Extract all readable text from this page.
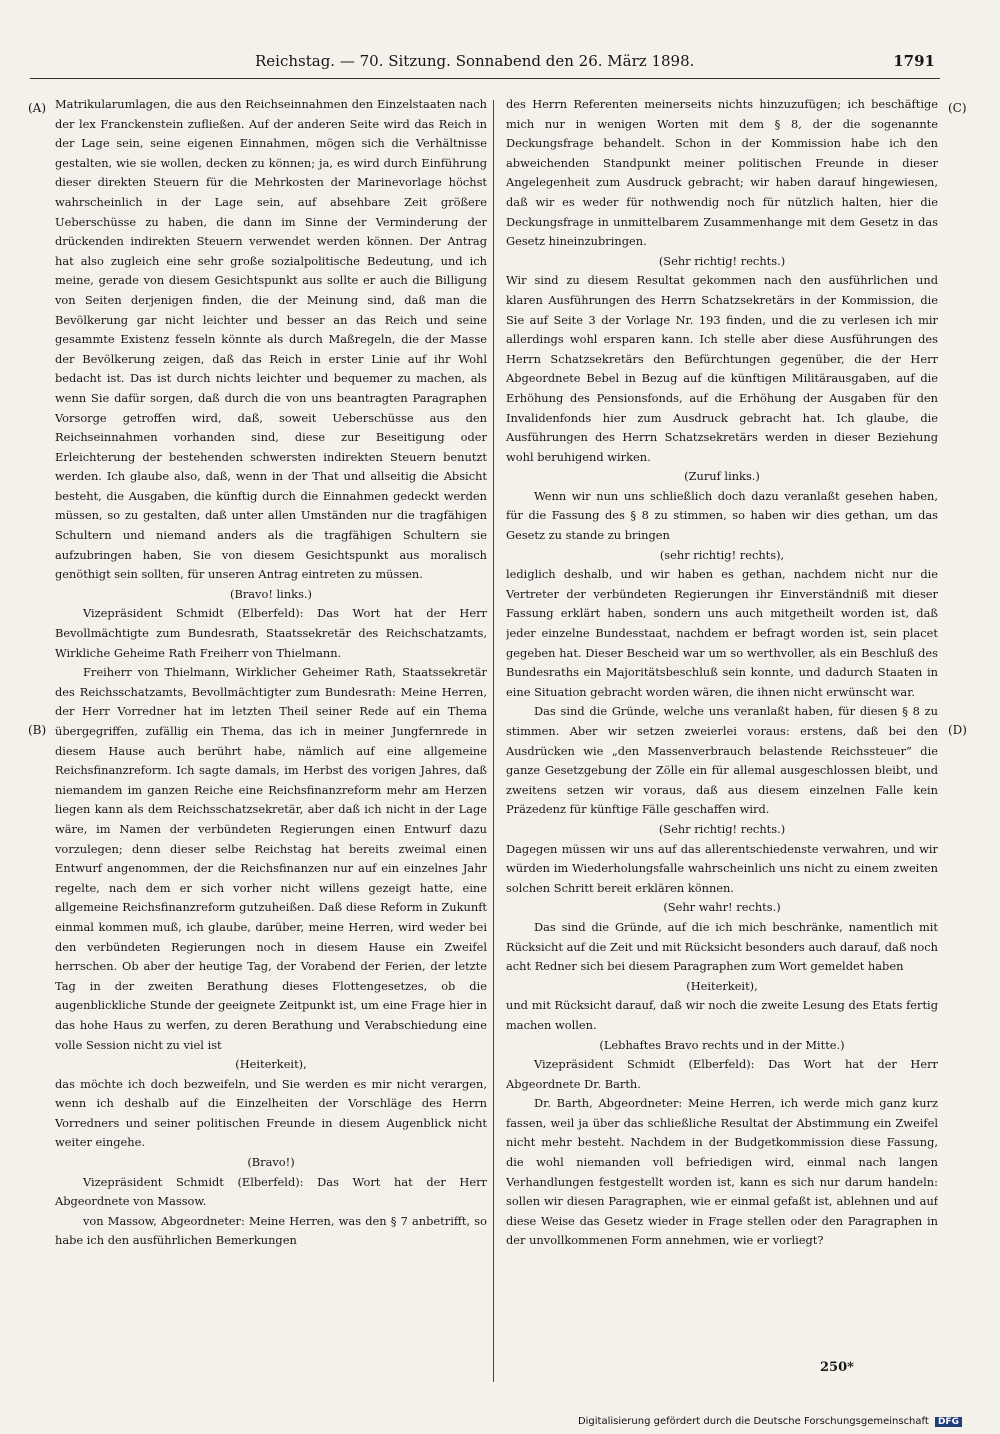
Reichstag. — 70. Sitzung. Sonnabend den 26. März 1898.	1791
(A)
(B)
(C)
(D)

Matrikularumlagen, die aus den Reichseinnahmen den Einzelstaaten nach der lex Franckenstein zufließen. Auf der anderen Seite wird das Reich in der Lage sein, seine eigenen Einnahmen, mögen sich die Verhältnisse gestalten, wie sie wollen, decken zu können; ja, es wird durch Einführung dieser direkten Steuern für die Mehrkosten der Marinevorlage höchst wahrscheinlich in der Lage sein, auf absehbare Zeit größere Ueberschüsse zu haben, die dann im Sinne der Verminderung der drückenden indirekten Steuern verwendet werden können. Der Antrag hat also zugleich eine sehr große sozialpolitische Bedeutung, und ich meine, gerade von diesem Gesichtspunkt aus sollte er auch die Billigung von Seiten derjenigen finden, die der Meinung sind, daß man die Bevölkerung gar nicht leichter und besser an das Reich und seine gesammte Existenz fesseln könnte als durch Maßregeln, die der Masse der Bevölkerung zeigen, daß das Reich in erster Linie auf ihr Wohl bedacht ist. Das ist durch nichts leichter und bequemer zu machen, als wenn Sie dafür sorgen, daß durch die von uns beantragten Paragraphen Vorsorge getroffen wird, daß, soweit Ueberschüsse aus den Reichseinnahmen vorhanden sind, diese zur Beseitigung oder Erleichterung der bestehenden schwersten indirekten Steuern benutzt werden. Ich glaube also, daß, wenn in der That und allseitig die Absicht besteht, die Ausgaben, die künftig durch die Einnahmen gedeckt werden müssen, so zu gestalten, daß unter allen Umständen nur die tragfähigen Schultern und niemand anders als die tragfähigen Schultern sie aufzubringen haben, Sie von diesem Gesichtspunkt aus moralisch genöthigt sein sollten, für unseren Antrag eintreten zu müssen.

(Bravo! links.)

Vizepräsident Schmidt (Elberfeld): Das Wort hat der Herr Bevollmächtigte zum Bundesrath, Staatssekretär des Reichschatzamts, Wirkliche Geheime Rath Freiherr von Thielmann.

Freiherr von Thielmann, Wirklicher Geheimer Rath, Staatssekretär des Reichsschatzamts, Bevollmächtigter zum Bundesrath: Meine Herren, der Herr Vorredner hat im letzten Theil seiner Rede auf ein Thema übergegriffen, zufällig ein Thema, das ich in meiner Jungfernrede in diesem Hause auch berührt habe, nämlich auf eine allgemeine Reichsfinanzreform. Ich sagte damals, im Herbst des vorigen Jahres, daß niemandem im ganzen Reiche eine Reichsfinanzreform mehr am Herzen liegen kann als dem Reichsschatzsekretär, aber daß ich nicht in der Lage wäre, im Namen der verbündeten Regierungen einen Entwurf dazu vorzulegen; denn dieser selbe Reichstag hat bereits zweimal einen Entwurf angenommen, der die Reichsfinanzen nur auf ein einzelnes Jahr regelte, nach dem er sich vorher nicht willens gezeigt hatte, eine allgemeine Reichsfinanzreform gutzuheißen. Daß diese Reform in Zukunft einmal kommen muß, ich glaube, darüber, meine Herren, wird weder bei den verbündeten Regierungen noch in diesem Hause ein Zweifel herrschen. Ob aber der heutige Tag, der Vorabend der Ferien, der letzte Tag in der zweiten Berathung dieses Flottengesetzes, ob die augenblickliche Stunde der geeignete Zeitpunkt ist, um eine Frage hier in das hohe Haus zu werfen, zu deren Berathung und Verabschiedung eine volle Session nicht zu viel ist

(Heiterkeit),

das möchte ich doch bezweifeln, und Sie werden es mir nicht verargen, wenn ich deshalb auf die Einzelheiten der Vorschläge des Herrn Vorredners und seiner politischen Freunde in diesem Augenblick nicht weiter eingehe.

(Bravo!)

Vizepräsident Schmidt (Elberfeld): Das Wort hat der Herr Abgeordnete von Massow.

von Massow, Abgeordneter: Meine Herren, was den § 7 anbetrifft, so habe ich den ausführlichen Bemerkungen

des Herrn Referenten meinerseits nichts hinzuzufügen; ich beschäftige mich nur in wenigen Worten mit dem § 8, der die sogenannte Deckungsfrage behandelt. Schon in der Kommission habe ich den abweichenden Standpunkt meiner politischen Freunde in dieser Angelegenheit zum Ausdruck gebracht; wir haben darauf hingewiesen, daß wir es weder für nothwendig noch für nützlich halten, hier die Deckungsfrage in unmittelbarem Zusammenhange mit dem Gesetz in das Gesetz hineinzubringen.

(Sehr richtig! rechts.)

Wir sind zu diesem Resultat gekommen nach den ausführlichen und klaren Ausführungen des Herrn Schatzsekretärs in der Kommission, die Sie auf Seite 3 der Vorlage Nr. 193 finden, und die zu verlesen ich mir allerdings wohl ersparen kann. Ich stelle aber diese Ausführungen des Herrn Schatzsekretärs den Befürchtungen gegenüber, die der Herr Abgeordnete Bebel in Bezug auf die künftigen Militärausgaben, auf die Erhöhung des Pensionsfonds, auf die Erhöhung der Ausgaben für den Invalidenfonds hier zum Ausdruck gebracht hat. Ich glaube, die Ausführungen des Herrn Schatzsekretärs werden in dieser Beziehung wohl beruhigend wirken.

(Zuruf links.)

Wenn wir nun uns schließlich doch dazu veranlaßt gesehen haben, für die Fassung des § 8 zu stimmen, so haben wir dies gethan, um das Gesetz zu stande zu bringen

(sehr richtig! rechts),

lediglich deshalb, und wir haben es gethan, nachdem nicht nur die Vertreter der verbündeten Regierungen ihr Einverständniß mit dieser Fassung erklärt haben, sondern uns auch mitgetheilt worden ist, daß jeder einzelne Bundesstaat, nachdem er befragt worden ist, sein placet gegeben hat. Dieser Bescheid war um so werthvoller, als ein Beschluß des Bundesraths ein Majoritätsbeschluß sein konnte, und dadurch Staaten in eine Situation gebracht worden wären, die ihnen nicht erwünscht war.

Das sind die Gründe, welche uns veranlaßt haben, für diesen § 8 zu stimmen. Aber wir setzen zweierlei voraus: erstens, daß bei den Ausdrücken wie „den Massenverbrauch belastende Reichssteuer“ die ganze Gesetzgebung der Zölle ein für allemal ausgeschlossen bleibt, und zweitens setzen wir voraus, daß aus diesem einzelnen Falle kein Präzedenz für künftige Fälle geschaffen wird.

(Sehr richtig! rechts.)

Dagegen müssen wir uns auf das allerentschiedenste verwahren, und wir würden im Wiederholungsfalle wahrscheinlich uns nicht zu einem zweiten solchen Schritt bereit erklären können.

(Sehr wahr! rechts.)

Das sind die Gründe, auf die ich mich beschränke, namentlich mit Rücksicht auf die Zeit und mit Rücksicht besonders auch darauf, daß noch acht Redner sich bei diesem Paragraphen zum Wort gemeldet haben

(Heiterkeit),

und mit Rücksicht darauf, daß wir noch die zweite Lesung des Etats fertig machen wollen.

(Lebhaftes Bravo rechts und in der Mitte.)

Vizepräsident Schmidt (Elberfeld): Das Wort hat der Herr Abgeordnete Dr. Barth.

Dr. Barth, Abgeordneter: Meine Herren, ich werde mich ganz kurz fassen, weil ja über das schließliche Resultat der Abstimmung ein Zweifel nicht mehr besteht. Nachdem in der Budgetkommission diese Fassung, die wohl niemanden voll befriedigen wird, einmal nach langen Verhandlungen festgestellt worden ist, kann es sich nur darum handeln: sollen wir diesen Paragraphen, wie er einmal gefaßt ist, ablehnen und auf diese Weise das Gesetz wieder in Frage stellen oder den Paragraphen in der unvollkommenen Form annehmen, wie er vorliegt?

250*
Digitalisierung gefördert durch die Deutsche Forschungsgemeinschaft DFG
